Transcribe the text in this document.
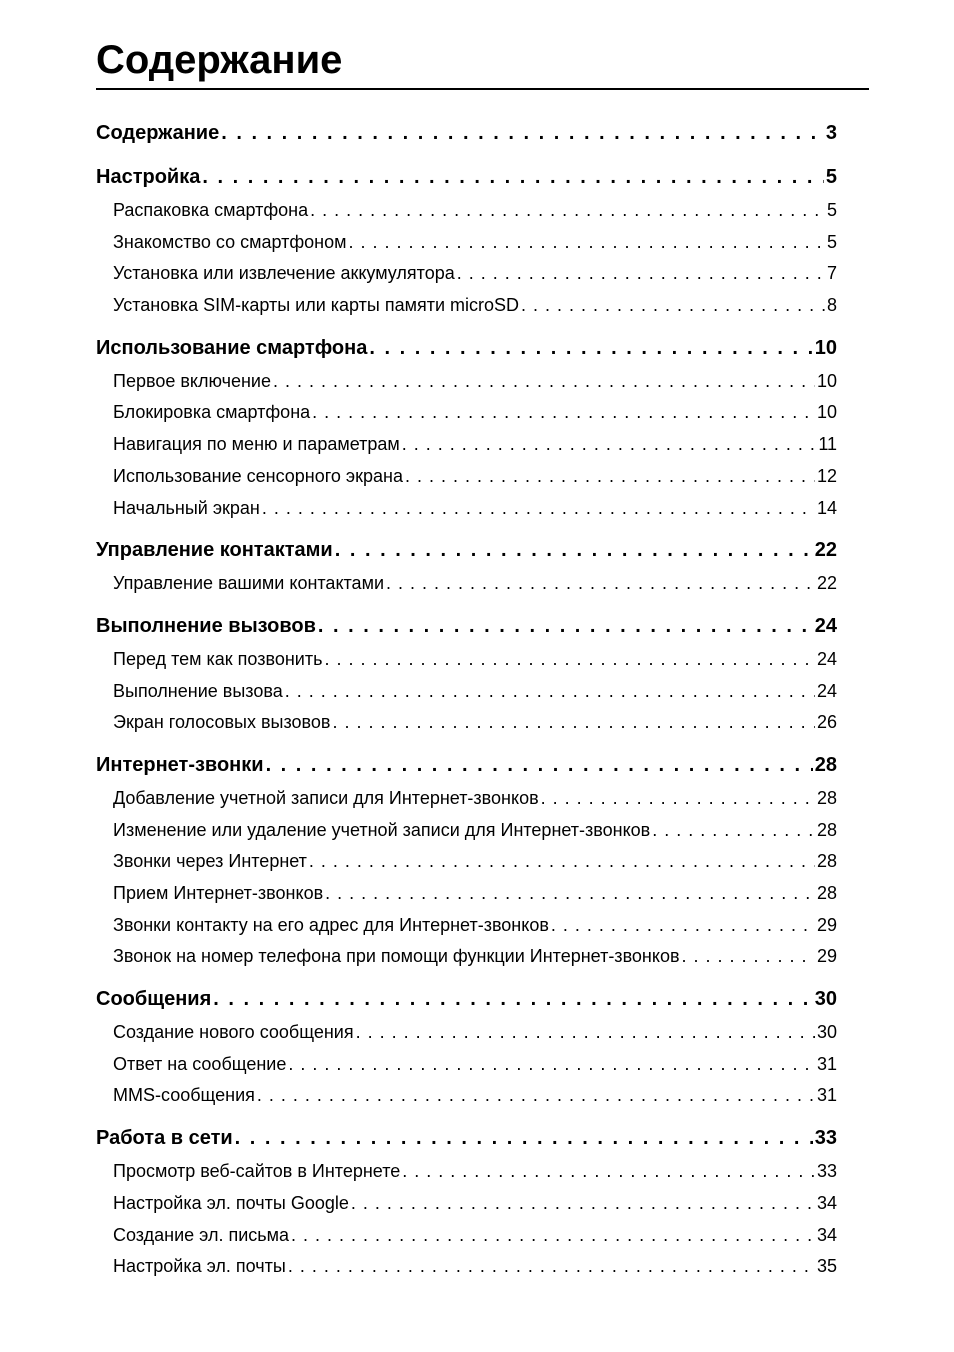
Содержание
Содержание . . .	3
Настройка . . .	5
Распаковка смартфона . . .	5
Знакомство со смартфоном . . .	5
Установка или извлечение аккумулятора . . .	7
Установка SIM-карты или карты памяти microSD . . .	8
Использование смартфона . . .	10
Первое включение . . .	10
Блокировка смартфона . . .	10
Навигация по меню и параметрам . . .	11
Использование сенсорного экрана . . .	12
Начальный экран . . .	14
Управление контактами . . .	22
Управление вашими контактами . . .	22
Выполнение вызовов . . .	24
Перед тем как позвонить . . .	24
Выполнение вызова . . .	24
Экран голосовых вызовов . . .	26
Интернет-звонки . . .	28
Добавление учетной записи для Интернет-звонков . . .	28
Изменение или удаление учетной записи для Интернет-звонков . . .	28
Звонки через Интернет . . .	28
Прием Интернет-звонков . . .	28
Звонки контакту на его адрес для Интернет-звонков . . .	29
Звонок на номер телефона при помощи функции Интернет-звонков . . .	29
Сообщения . . .	30
Создание нового сообщения . . .	30
Ответ на сообщение . . .	31
MMS-сообщения . . .	31
Работа в сети . . .	33
Просмотр веб-сайтов в Интернете . . .	33
Настройка эл. почты Google . . .	34
Создание эл. письма . . .	34
Настройка эл. почты . . .	35
